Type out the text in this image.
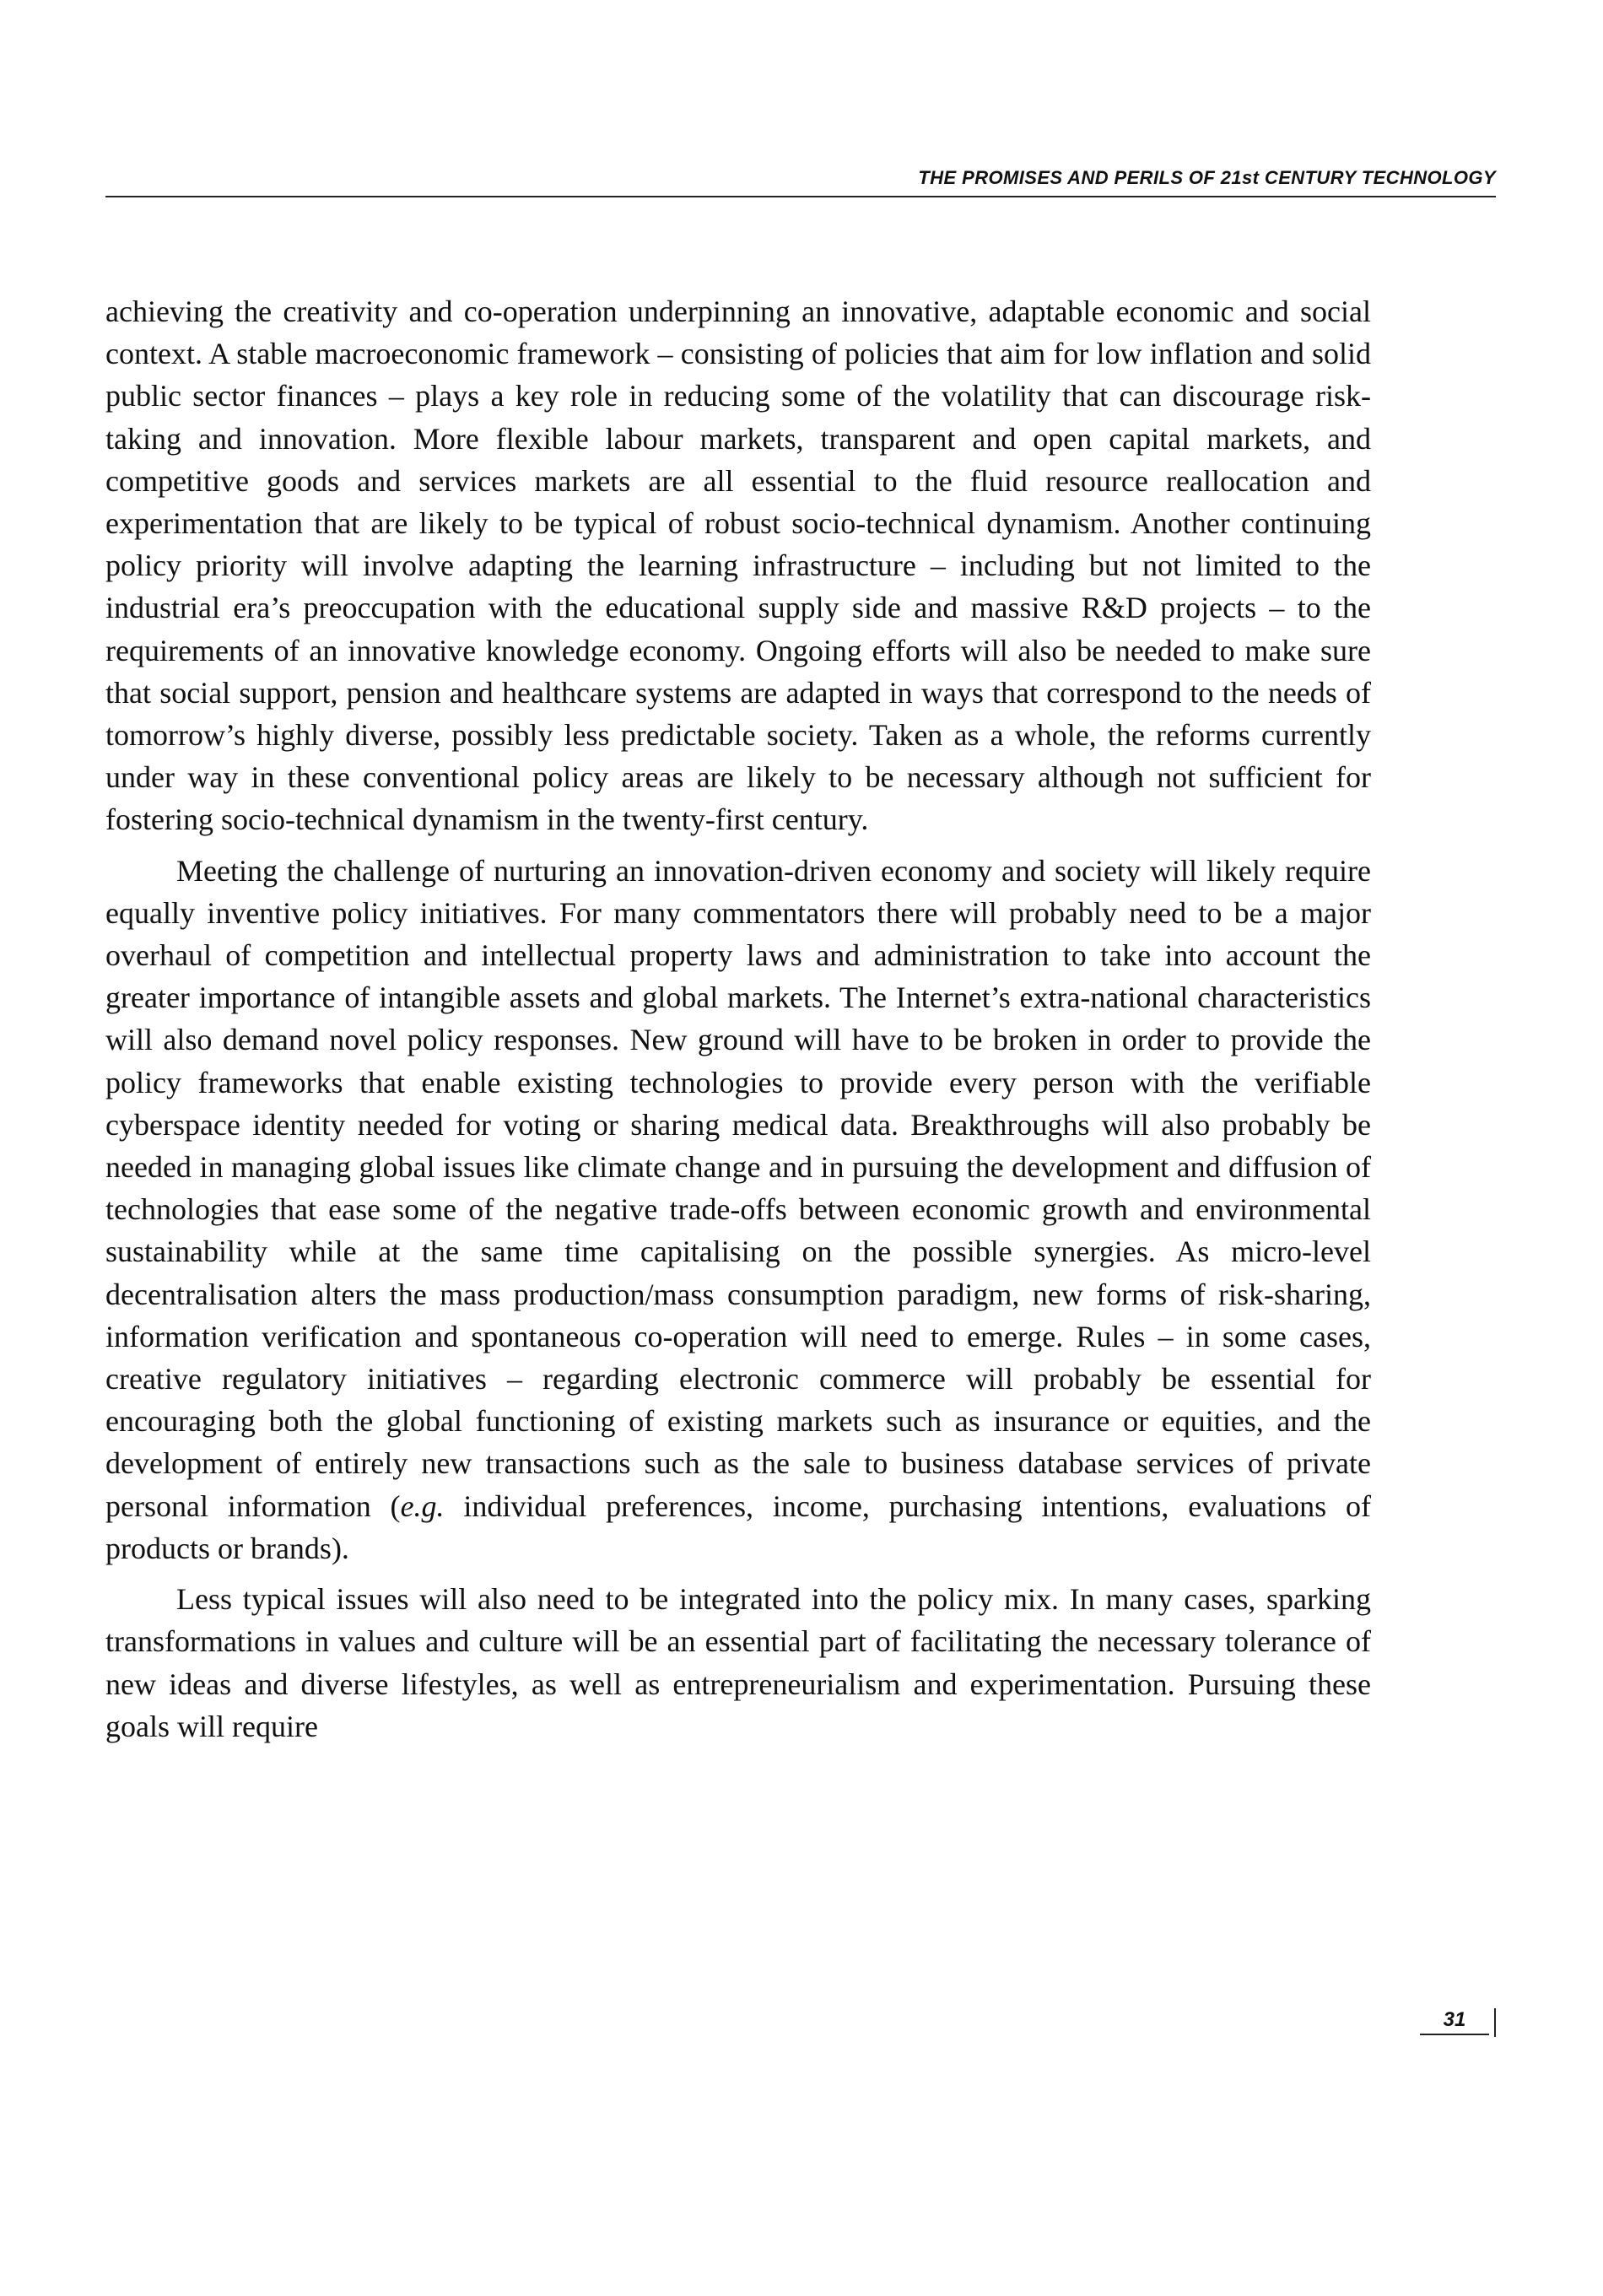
THE PROMISES AND PERILS OF 21st CENTURY TECHNOLOGY

achieving the creativity and co-operation underpinning an innovative, adaptable economic and social context. A stable macroeconomic framework – consisting of policies that aim for low inflation and solid public sector finances – plays a key role in reducing some of the volatility that can discourage risk-taking and innovation. More flexible labour markets, transparent and open capital markets, and competitive goods and services markets are all essential to the fluid resource reallocation and experimentation that are likely to be typical of robust socio-technical dynamism. Another continuing policy priority will involve adapting the learning infrastructure – including but not limited to the industrial era’s preoccupation with the educational supply side and massive R&D projects – to the requirements of an innovative knowledge economy. Ongoing efforts will also be needed to make sure that social support, pension and healthcare systems are adapted in ways that correspond to the needs of tomorrow’s highly diverse, possibly less predictable society. Taken as a whole, the reforms currently under way in these conventional policy areas are likely to be necessary although not sufficient for fostering socio-technical dynamism in the twenty-first century.

Meeting the challenge of nurturing an innovation-driven economy and society will likely require equally inventive policy initiatives. For many commentators there will probably need to be a major overhaul of competition and intellectual property laws and administration to take into account the greater importance of intangible assets and global markets. The Internet’s extra-national characteristics will also demand novel policy responses. New ground will have to be broken in order to provide the policy frameworks that enable existing technologies to provide every person with the verifiable cyberspace identity needed for voting or sharing medical data. Breakthroughs will also probably be needed in managing global issues like climate change and in pursuing the development and diffusion of technologies that ease some of the negative trade-offs between economic growth and environmental sustainability while at the same time capitalising on the possible synergies. As micro-level decentralisation alters the mass production/mass consumption paradigm, new forms of risk-sharing, information verification and spontaneous co-operation will need to emerge. Rules – in some cases, creative regulatory initiatives – regarding electronic commerce will probably be essential for encouraging both the global functioning of existing markets such as insurance or equities, and the development of entirely new transactions such as the sale to business database services of private personal information (e.g. individual preferences, income, purchasing intentions, evaluations of products or brands).

Less typical issues will also need to be integrated into the policy mix. In many cases, sparking transformations in values and culture will be an essential part of facilitating the necessary tolerance of new ideas and diverse lifestyles, as well as entrepreneurialism and experimentation. Pursuing these goals will require

31
